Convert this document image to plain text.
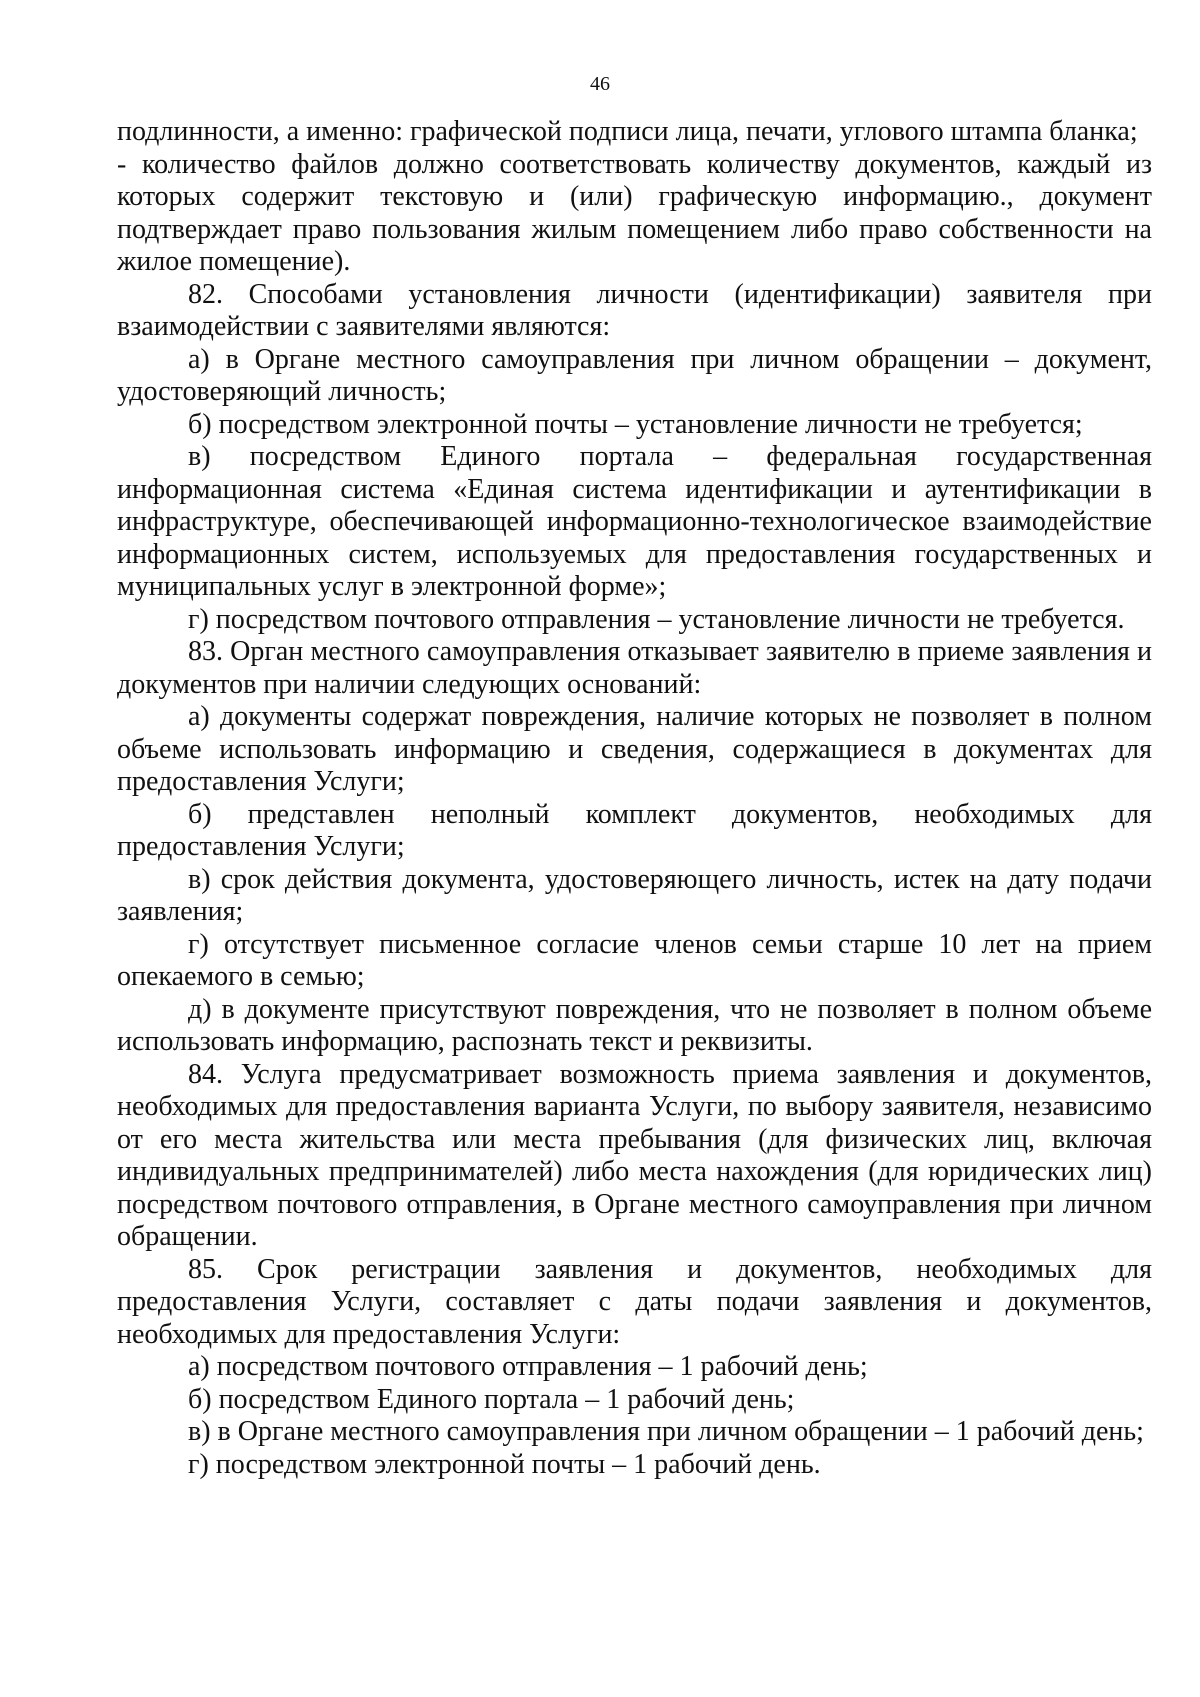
46

подлинности, а именно: графической подписи лица, печати, углового штампа бланка;

- количество файлов должно соответствовать количеству документов, каждый из которых содержит текстовую и (или) графическую информацию., документ подтверждает право пользования жилым помещением либо право собственности на жилое помещение).

82. Способами установления личности (идентификации) заявителя при взаимодействии с заявителями являются:

а) в Органе местного самоуправления при личном обращении – документ, удостоверяющий личность;

б) посредством электронной почты – установление личности не требуется;

в) посредством Единого портала – федеральная государственная информационная система «Единая система идентификации и аутентификации в инфраструктуре, обеспечивающей информационно-технологическое взаимодействие информационных систем, используемых для предоставления государственных и муниципальных услуг в электронной форме»;

г) посредством почтового отправления – установление личности не требуется.

83. Орган местного самоуправления отказывает заявителю в приеме заявления и документов при наличии следующих оснований:

а) документы содержат повреждения, наличие которых не позволяет в полном объеме использовать информацию и сведения, содержащиеся в документах для предоставления Услуги;

б) представлен неполный комплект документов, необходимых для предоставления Услуги;

в) срок действия документа, удостоверяющего личность, истек на дату подачи заявления;

г) отсутствует письменное согласие членов семьи старше 10 лет на прием опекаемого в семью;

д) в документе присутствуют повреждения, что не позволяет в полном объеме использовать информацию, распознать текст и реквизиты.

84. Услуга предусматривает возможность приема заявления и документов, необходимых для предоставления варианта Услуги, по выбору заявителя, независимо от его места жительства или места пребывания (для физических лиц, включая индивидуальных предпринимателей) либо места нахождения (для юридических лиц) посредством почтового отправления, в Органе местного самоуправления при личном обращении.

85. Срок регистрации заявления и документов, необходимых для предоставления Услуги, составляет с даты подачи заявления и документов, необходимых для предоставления Услуги:

а) посредством почтового отправления – 1 рабочий день;

б) посредством Единого портала – 1 рабочий день;

в) в Органе местного самоуправления при личном обращении – 1 рабочий день;

г) посредством электронной почты – 1 рабочий день.
